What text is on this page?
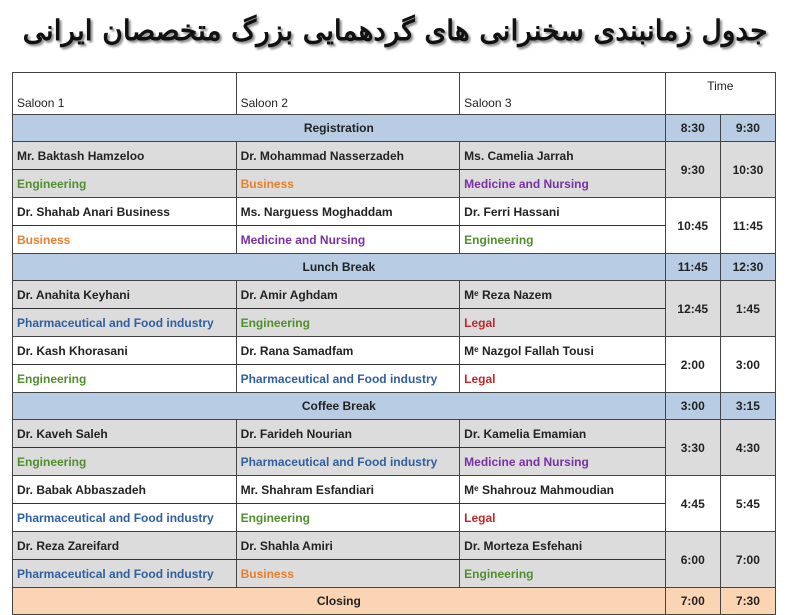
جدول زمانبندی سخنرانی های گردهمایی بزرگ متخصصان ایرانی
Saloon 1	Saloon 2	Saloon 3	Time	
Registration			8:30	9:30
Mr. Baktash Hamzeloo	Dr. Mohammad Nasserzadeh	Ms. Camelia Jarrah	9:30	10:30
Engineering	Business	Medicine and Nursing		
Dr. Shahab Anari Business	Ms. Narguess Moghaddam	Dr. Ferri Hassani	10:45	11:45
Business	Medicine and Nursing	Engineering		
Lunch Break			11:45	12:30
Dr. Anahita Keyhani	Dr. Amir Aghdam	Mᵉ Reza Nazem	12:45	1:45
Pharmaceutical and Food industry	Engineering	Legal		
Dr. Kash Khorasani	Dr. Rana Samadfam	Mᵉ Nazgol Fallah Tousi	2:00	3:00
Engineering	Pharmaceutical and Food industry	Legal		
Coffee Break			3:00	3:15
Dr. Kaveh Saleh	Dr. Farideh Nourian	Dr. Kamelia Emamian	3:30	4:30
Engineering	Pharmaceutical and Food industry	Medicine and Nursing		
Dr. Babak Abbaszadeh	Mr. Shahram Esfandiari	Mᵉ Shahrouz Mahmoudian	4:45	5:45
Pharmaceutical and Food industry	Engineering	Legal		
Dr. Reza Zareifard	Dr. Shahla Amiri	Dr. Morteza Esfehani	6:00	7:00
Pharmaceutical and Food industry	Business	Engineering		
Closing			7:00	7:30
